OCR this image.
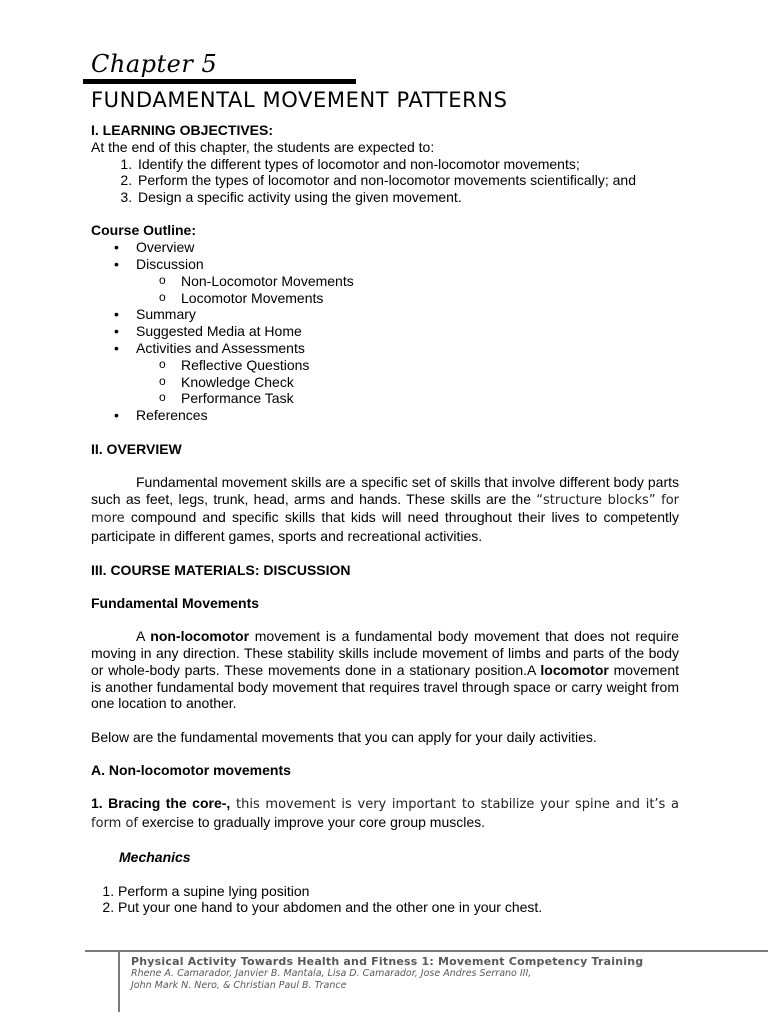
Chapter 5
FUNDAMENTAL MOVEMENT PATTERNS

I. LEARNING OBJECTIVES:

At the end of this chapter, the students are expected to:

1. Identify the different types of locomotor and non-locomotor movements;
2. Perform the types of locomotor and non-locomotor movements scientifically; and
3. Design a specific activity using the given movement.

Course Outline:

• Overview
• Discussion
o Non-Locomotor Movements
o Locomotor Movements
• Summary
• Suggested Media at Home
• Activities and Assessments
o Reflective Questions
o Knowledge Check
o Performance Task
• References

II. OVERVIEW

Fundamental movement skills are a specific set of skills that involve different body parts such as feet, legs, trunk, head, arms and hands. These skills are the “structure blocks” for more compound and specific skills that kids will need throughout their lives to competently participate in different games, sports and recreational activities.

III. COURSE MATERIALS: DISCUSSION

Fundamental Movements

A non-locomotor movement is a fundamental body movement that does not require moving in any direction. These stability skills include movement of limbs and parts of the body or whole-body parts. These movements done in a stationary position.A locomotor movement is another fundamental body movement that requires travel through space or carry weight from one location to another.

Below are the fundamental movements that you can apply for your daily activities.

A. Non-locomotor movements

1. Bracing the core-, this movement is very important to stabilize your spine and it’s a form of exercise to gradually improve your core group muscles.

Mechanics

1. Perform a supine lying position
2. Put your one hand to your abdomen and the other one in your chest.
Physical Activity Towards Health and Fitness 1: Movement Competency Training
Rhene A. Camarador, Janvier B. Mantala, Lisa D. Camarador, Jose Andres Serrano III,
John Mark N. Nero, & Christian Paul B. Trance
